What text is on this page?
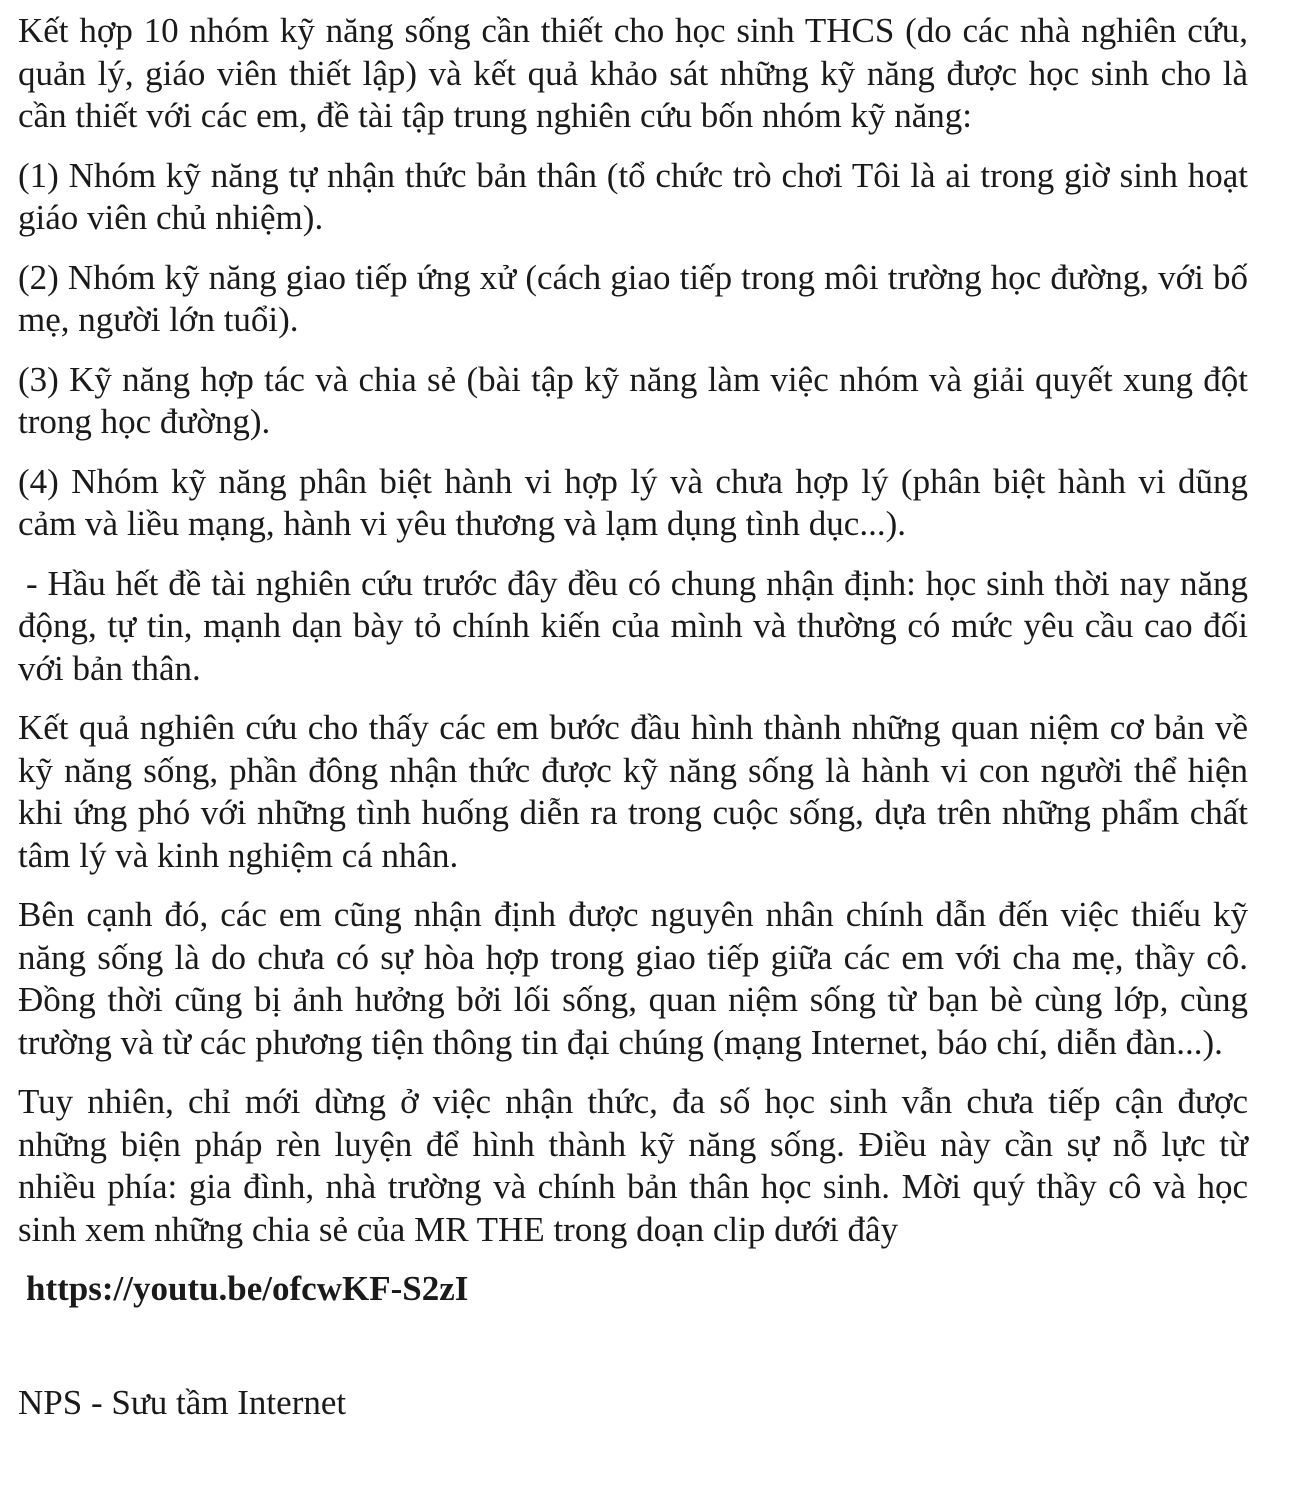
Kết hợp 10 nhóm kỹ năng sống cần thiết cho học sinh THCS (do các nhà nghiên cứu, quản lý, giáo viên thiết lập) và kết quả khảo sát những kỹ năng được học sinh cho là cần thiết với các em, đề tài tập trung nghiên cứu bốn nhóm kỹ năng:

(1) Nhóm kỹ năng tự nhận thức bản thân (tổ chức trò chơi Tôi là ai trong giờ sinh hoạt giáo viên chủ nhiệm).

(2) Nhóm kỹ năng giao tiếp ứng xử (cách giao tiếp trong môi trường học đường, với bố mẹ, người lớn tuổi).

(3) Kỹ năng hợp tác và chia sẻ (bài tập kỹ năng làm việc nhóm và giải quyết xung đột trong học đường).

(4) Nhóm kỹ năng phân biệt hành vi hợp lý và chưa hợp lý (phân biệt hành vi dũng cảm và liều mạng, hành vi yêu thương và lạm dụng tình dục...).

- Hầu hết đề tài nghiên cứu trước đây đều có chung nhận định: học sinh thời nay năng động, tự tin, mạnh dạn bày tỏ chính kiến của mình và thường có mức yêu cầu cao đối với bản thân.

Kết quả nghiên cứu cho thấy các em bước đầu hình thành những quan niệm cơ bản về kỹ năng sống, phần đông nhận thức được kỹ năng sống là hành vi con người thể hiện khi ứng phó với những tình huống diễn ra trong cuộc sống, dựa trên những phẩm chất tâm lý và kinh nghiệm cá nhân.

Bên cạnh đó, các em cũng nhận định được nguyên nhân chính dẫn đến việc thiếu kỹ năng sống là do chưa có sự hòa hợp trong giao tiếp giữa các em với cha mẹ, thầy cô. Đồng thời cũng bị ảnh hưởng bởi lối sống, quan niệm sống từ bạn bè cùng lớp, cùng trường và từ các phương tiện thông tin đại chúng (mạng Internet, báo chí, diễn đàn...).

Tuy nhiên, chỉ mới dừng ở việc nhận thức, đa số học sinh vẫn chưa tiếp cận được những biện pháp rèn luyện để hình thành kỹ năng sống. Điều này cần sự nỗ lực từ nhiều phía: gia đình, nhà trường và chính bản thân học sinh. Mời quý thầy cô và học sinh xem những chia sẻ của MR THE trong doạn clip dưới đây

https://youtu.be/ofcwKF-S2zI

NPS - Sưu tầm Internet
